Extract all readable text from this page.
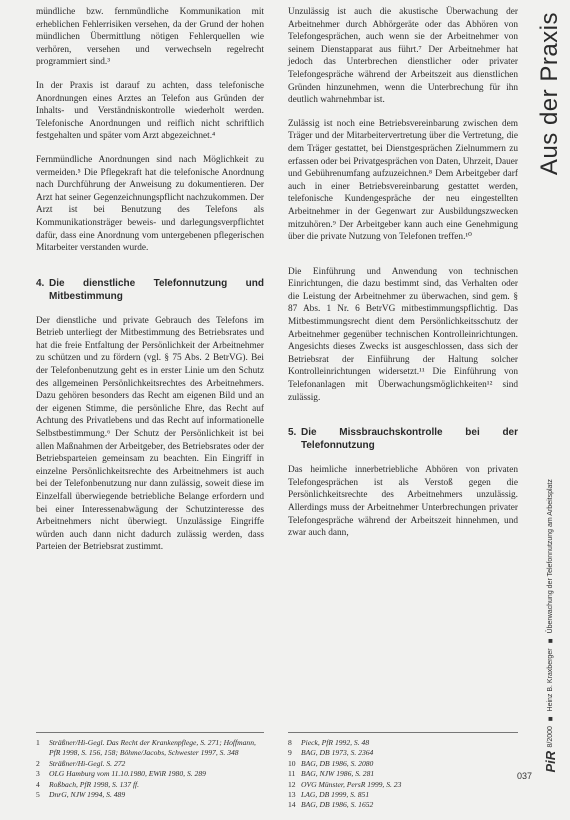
mündliche bzw. fernmündliche Kommunikation mit erheblichen Fehlerrisiken versehen, da der Grund der hohen mündlichen Übermittlung nötigen Fehlerquellen wie verhören, versehen und verwechseln regelrecht programmiert sind.³

In der Praxis ist darauf zu achten, dass telefonische Anordnungen eines Arztes an Telefon aus Gründen der Inhalts- und Verständniskontrolle wiederholt werden. Telefonische Anordnungen und reiflich nicht schriftlich festgehalten und später vom Arzt abgezeichnet.⁴

Fernmündliche Anordnungen sind nach Möglichkeit zu vermeiden.⁵ Die Pflegekraft hat die telefonische Anordnung nach Durchführung der Anweisung zu dokumentieren. Der Arzt hat seiner Gegenzeichnungspflicht nachzukommen. Der Arzt ist bei Benutzung des Telefons als Kommunikationsträger beweis- und darlegungsverpflichtet dafür, dass eine Anordnung vom untergebenen pflegerischen Mitarbeiter verstanden wurde.

4. Die dienstliche Telefonnutzung und Mitbestimmung

Der dienstliche und private Gebrauch des Telefons im Betrieb unterliegt der Mitbestimmung des Betriebsrates und hat die freie Entfaltung der Persönlichkeit der Arbeitnehmer zu schützen und zu fördern (vgl. § 75 Abs. 2 BetrVG). Bei der Telefonbenutzung geht es in erster Linie um den Schutz des allgemeinen Persönlichkeitsrechtes des Arbeitnehmers. Dazu gehören besonders das Recht am eigenen Bild und an der eigenen Stimme, die persönliche Ehre, das Recht auf Achtung des Privatlebens und das Recht auf informationelle Selbstbestimmung.⁶ Der Schutz der Persönlichkeit ist bei allen Maßnahmen der Arbeitgeber, des Betriebsrates oder der Betriebsparteien gemeinsam zu beachten. Ein Eingriff in einzelne Persönlichkeitsrechte des Arbeitnehmers ist auch bei der Telefonbenutzung nur dann zulässig, soweit diese im Einzelfall überwiegende betriebliche Belange erfordern und bei einer Interessenabwägung der Schutzinteresse des Arbeitnehmers nicht überwiegt. Unzulässige Eingriffe würden auch dann nicht dadurch zulässig werden, dass Parteien der Betriebsrat zustimmt.

Unzulässig ist auch die akustische Überwachung der Arbeitnehmer durch Abhörgeräte oder das Abhören von Telefongesprächen, auch wenn sie der Arbeitnehmer von seinem Dienstapparat aus führt.⁷ Der Arbeitnehmer hat jedoch das Unterbrechen dienstlicher oder privater Telefongespräche während der Arbeitszeit aus dienstlichen Gründen hinzunehmen, wenn die Unterbrechung für ihn deutlich wahrnehmbar ist.

Zulässig ist noch eine Betriebsvereinbarung zwischen dem Träger und der Mitarbeitervertretung über die Vertretung, die dem Träger gestattet, bei Dienstgesprächen Zielnummern zu erfassen oder bei Privatgesprächen von Daten, Uhrzeit, Dauer und Gebührenumfang aufzuzeichnen.⁸ Dem Arbeitgeber darf auch in einer Betriebsvereinbarung gestattet werden, telefonische Kundengespräche der neu eingestellten Arbeitnehmer in der Gegenwart zur Ausbildungszwecken mitzuhören.⁹ Der Arbeitgeber kann auch eine Genehmigung über die private Nutzung von Telefonen treffen.¹⁰

Die Einführung und Anwendung von technischen Einrichtungen, die dazu bestimmt sind, das Verhalten oder die Leistung der Arbeitnehmer zu überwachen, sind gem. § 87 Abs. 1 Nr. 6 BetrVG mitbestimmungspflichtig. Das Mitbestimmungsrecht dient dem Persönlichkeitsschutz der Arbeitnehmer gegenüber technischen Kontrolleinrichtungen. Angesichts dieses Zwecks ist ausgeschlossen, dass sich der Betriebsrat der Einführung der Haltung solcher Kontrolleinrichtungen widersetzt.¹¹ Die Einführung von Telefonanlagen mit Überwachungsmöglichkeiten¹² sind zulässig.

5. Die Missbrauchskontrolle bei der Telefonnutzung

Das heimliche innerbetriebliche Abhören von privaten Telefongesprächen ist als Verstoß gegen die Persönlichkeitsrechte des Arbeitnehmers unzulässig. Allerdings muss der Arbeitnehmer Unterbrechungen privater Telefongespräche während der Arbeitszeit hinnehmen, und zwar auch dann,

1	Sträßner/Hi-Gegl. Das Recht der Krankenpflege, S. 271; Hoffmann, PfR 1998, S. 156, 158; Böhme/Jacobs, Schwester 1997, S. 348
2	Sträßner/Hi-Gegl. S. 272
3	OLG Hamburg vom 11.10.1980, EWiR 1980, S. 289
4	Roßbach, PfR 1998, S. 137 ff.
5	DnrG, NJW 1994, S. 489
8	Pieck, PfR 1992, S. 48
9	BAG, DB 1973, S. 2364
10 BAG, DB 1986, S. 2080
11 BAG, NJW 1986, S. 281
12 OVG Münster, PersR 1999, S. 23
13 LAG, DB 1999, S. 851
14 BAG, DB 1986, S. 1652
Aus der Praxis
PiR
8/2000
■
Heinz B. Kraxberger
■
Überwachung der Telefonnutzung am Arbeitsplatz
037
